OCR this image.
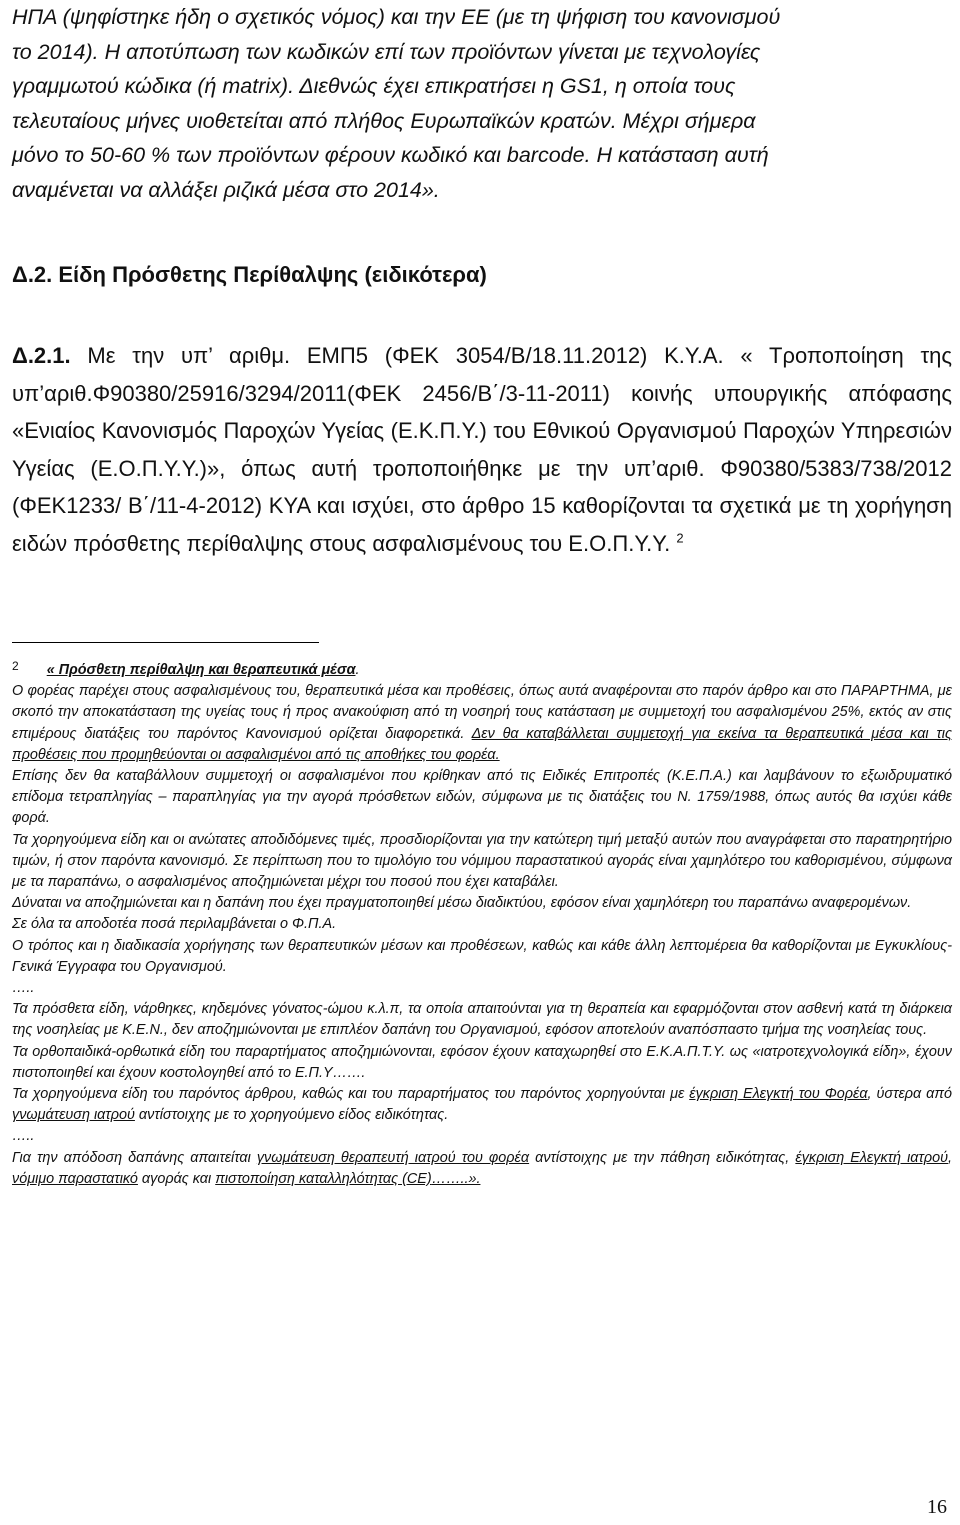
ΗΠΑ (ψηφίστηκε ήδη ο σχετικός νόμος) και την ΕΕ (με τη ψήφιση του κανονισμού

το 2014). Η αποτύπωση των κωδικών επί των προϊόντων γίνεται με τεχνολογίες

γραμμωτού κώδικα (ή matrix). Διεθνώς έχει επικρατήσει η GS1, η οποία τους

τελευταίους μήνες υιοθετείται από πλήθος Ευρωπαϊκών κρατών. Μέχρι σήμερα

μόνο το 50-60 % των προϊόντων φέρουν κωδικό και barcode. Η κατάσταση αυτή

αναμένεται να αλλάξει ριζικά μέσα στο 2014».

Δ.2. Είδη Πρόσθετης Περίθαλψης (ειδικότερα)
Δ.2.1. Με την υπ’ αριθμ. ΕΜΠ5 (ΦΕΚ 3054/Β/18.11.2012) Κ.Υ.Α. « Τροποποίηση της υπ’αριθ.Φ90380/25916/3294/2011(ΦΕΚ 2456/Β΄/3-11-2011) κοινής υπουργικής απόφασης «Ενιαίος Κανονισμός Παροχών Υγείας (Ε.Κ.Π.Υ.) του Εθνικού Οργανισμού Παροχών Υπηρεσιών Υγείας (Ε.Ο.Π.Υ.Υ.)», όπως αυτή τροποποιήθηκε με την υπ’αριθ. Φ90380/5383/738/2012 (ΦΕΚ1233/ Β΄/11-4-2012) ΚΥΑ και ισχύει, στο άρθρο 15 καθορίζονται τα σχετικά με τη χορήγηση ειδών πρόσθετης περίθαλψης στους ασφαλισμένους του Ε.Ο.Π.Υ.Υ. $^2$

$^2$ « Πρόσθετη περίθαλψη και θεραπευτικά μέσα.

Ο φορέας παρέχει στους ασφαλισμένους του, θεραπευτικά μέσα και προθέσεις, όπως αυτά αναφέρονται στο παρόν άρθρο και στο ΠΑΡΑΡΤΗΜΑ, με σκοπό την αποκατάσταση της υγείας τους ή προς ανακούφιση από τη νοσηρή τους κατάσταση με συμμετοχή του ασφαλισμένου 25%, εκτός αν στις επιμέρους διατάξεις του παρόντος Κανονισμού ορίζεται διαφορετικά. Δεν θα καταβάλλεται συμμετοχή για εκείνα τα θεραπευτικά μέσα και τις προθέσεις που προμηθεύονται οι ασφαλισμένοι από τις αποθήκες του φορέα.

Επίσης δεν θα καταβάλλουν συμμετοχή οι ασφαλισμένοι που κρίθηκαν από τις Ειδικές Επιτροπές (Κ.Ε.Π.Α.) και λαμβάνουν το εξωιδρυματικό επίδομα τετραπληγίας – παραπληγίας για την αγορά πρόσθετων ειδών, σύμφωνα με τις διατάξεις του Ν. 1759/1988, όπως αυτός θα ισχύει κάθε φορά.

Τα χορηγούμενα είδη και οι ανώτατες αποδιδόμενες τιμές, προσδιορίζονται για την κατώτερη τιμή μεταξύ αυτών που αναγράφεται στο παρατηρητήριο τιμών, ή στον παρόντα κανονισμό. Σε περίπτωση που το τιμολόγιο του νόμιμου παραστατικού αγοράς είναι χαμηλότερο του καθορισμένου, σύμφωνα με τα παραπάνω, ο ασφαλισμένος αποζημιώνεται μέχρι του ποσού που έχει καταβάλει.

Δύναται να αποζημιώνεται και η δαπάνη που έχει πραγματοποιηθεί μέσω διαδικτύου, εφόσον είναι χαμηλότερη του παραπάνω αναφερομένων.

Σε όλα τα αποδοτέα ποσά περιλαμβάνεται ο Φ.Π.Α.

Ο τρόπος και η διαδικασία χορήγησης των θεραπευτικών μέσων και προθέσεων, καθώς και κάθε άλλη λεπτομέρεια θα καθορίζονται με Εγκυκλίους-Γενικά Έγγραφα του Οργανισμού.

…..

Τα πρόσθετα είδη, νάρθηκες, κηδεμόνες γόνατος-ώμου κ.λ.π, τα οποία απαιτούνται για τη θεραπεία και εφαρμόζονται στον ασθενή κατά τη διάρκεια της νοσηλείας με Κ.Ε.Ν., δεν αποζημιώνονται με επιπλέον δαπάνη του Οργανισμού, εφόσον αποτελούν αναπόσπαστο τμήμα της νοσηλείας τους.

Τα ορθοπαιδικά-ορθωτικά είδη του παραρτήματος αποζημιώνονται, εφόσον έχουν καταχωρηθεί στο Ε.Κ.Α.Π.Τ.Υ. ως «ιατροτεχνολογικά είδη», έχουν πιστοποιηθεί και έχουν κοστολογηθεί από το Ε.Π.Υ…….

Τα χορηγούμενα είδη του παρόντος άρθρου, καθώς και του παραρτήματος του παρόντος χορηγούνται με έγκριση Ελεγκτή του Φορέα, ύστερα από γνωμάτευση ιατρού αντίστοιχης με το χορηγούμενο είδος ειδικότητας.

…..

Για την απόδοση δαπάνης απαιτείται γνωμάτευση θεραπευτή ιατρού του φορέα αντίστοιχης με την πάθηση ειδικότητας, έγκριση Ελεγκτή ιατρού, νόμιμο παραστατικό αγοράς και πιστοποίηση καταλληλότητας (CE)……..».

16
